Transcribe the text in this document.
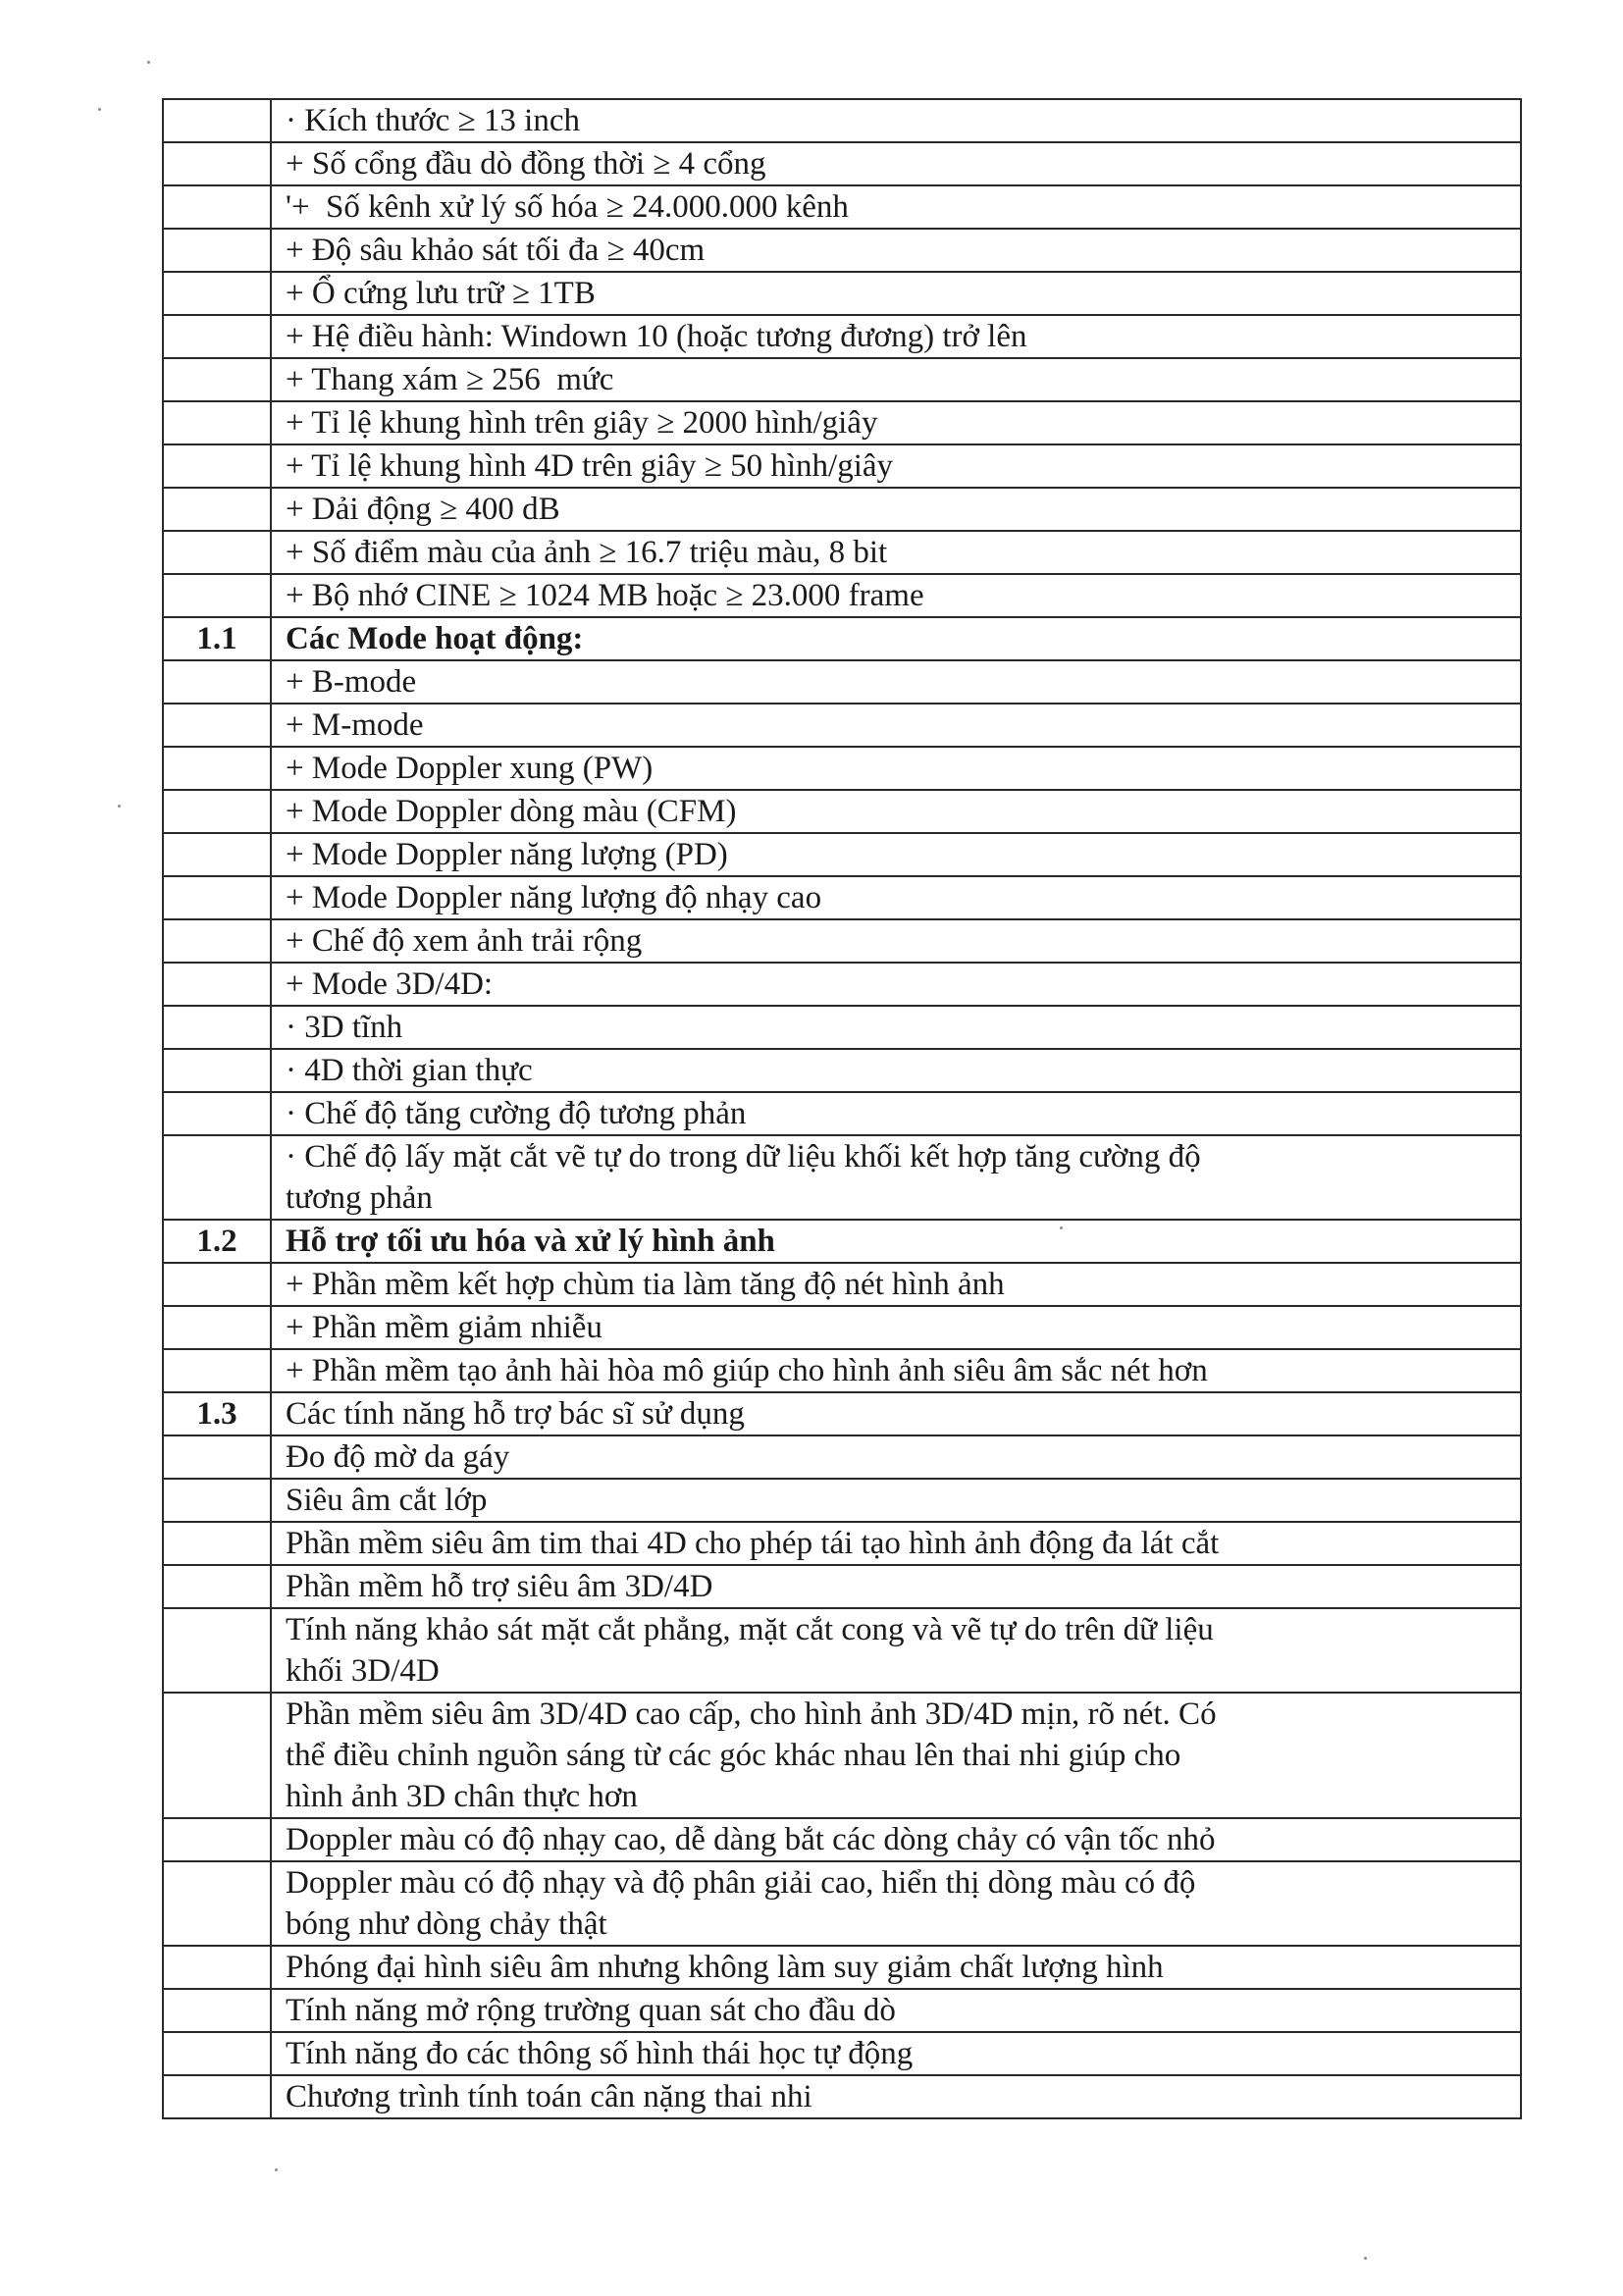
	· Kích thước ≥ 13 inch
	+ Số cổng đầu dò đồng thời ≥ 4 cổng
	'+  Số kênh xử lý số hóa ≥ 24.000.000 kênh
	+ Độ sâu khảo sát tối đa ≥ 40cm
	+ Ổ cứng lưu trữ ≥ 1TB
	+ Hệ điều hành: Windown 10 (hoặc tương đương) trở lên
	+ Thang xám ≥ 256  mức
	+ Tỉ lệ khung hình trên giây ≥ 2000 hình/giây
	+ Tỉ lệ khung hình 4D trên giây ≥ 50 hình/giây
	+ Dải động ≥ 400 dB
	+ Số điểm màu của ảnh ≥ 16.7 triệu màu, 8 bit
	+ Bộ nhớ CINE ≥ 1024 MB hoặc ≥ 23.000 frame
1.1	Các Mode hoạt động:
	+ B-mode
	+ M-mode
	+ Mode Doppler xung (PW)
	+ Mode Doppler dòng màu (CFM)
	+ Mode Doppler năng lượng (PD)
	+ Mode Doppler năng lượng độ nhạy cao
	+ Chế độ xem ảnh trải rộng
	+ Mode 3D/4D:
	· 3D tĩnh
	· 4D thời gian thực
	· Chế độ tăng cường độ tương phản
	· Chế độ lấy mặt cắt vẽ tự do trong dữ liệu khối kết hợp tăng cường độ
tương phản
1.2	Hỗ trợ tối ưu hóa và xử lý hình ảnh
	+ Phần mềm kết hợp chùm tia làm tăng độ nét hình ảnh
	+ Phần mềm giảm nhiễu
	+ Phần mềm tạo ảnh hài hòa mô giúp cho hình ảnh siêu âm sắc nét hơn
1.3	Các tính năng hỗ trợ bác sĩ sử dụng
	Đo độ mờ da gáy
	Siêu âm cắt lớp
	Phần mềm siêu âm tim thai 4D cho phép tái tạo hình ảnh động đa lát cắt
	Phần mềm hỗ trợ siêu âm 3D/4D
	Tính năng khảo sát mặt cắt phẳng, mặt cắt cong và vẽ tự do trên dữ liệu
khối 3D/4D
	Phần mềm siêu âm 3D/4D cao cấp, cho hình ảnh 3D/4D mịn, rõ nét. Có
thể điều chỉnh nguồn sáng từ các góc khác nhau lên thai nhi giúp cho
hình ảnh 3D chân thực hơn
	Doppler màu có độ nhạy cao, dễ dàng bắt các dòng chảy có vận tốc nhỏ
	Doppler màu có độ nhạy và độ phân giải cao, hiển thị dòng màu có độ
bóng như dòng chảy thật
	Phóng đại hình siêu âm nhưng không làm suy giảm chất lượng hình
	Tính năng mở rộng trường quan sát cho đầu dò
	Tính năng đo các thông số hình thái học tự động
	Chương trình tính toán cân nặng thai nhi
